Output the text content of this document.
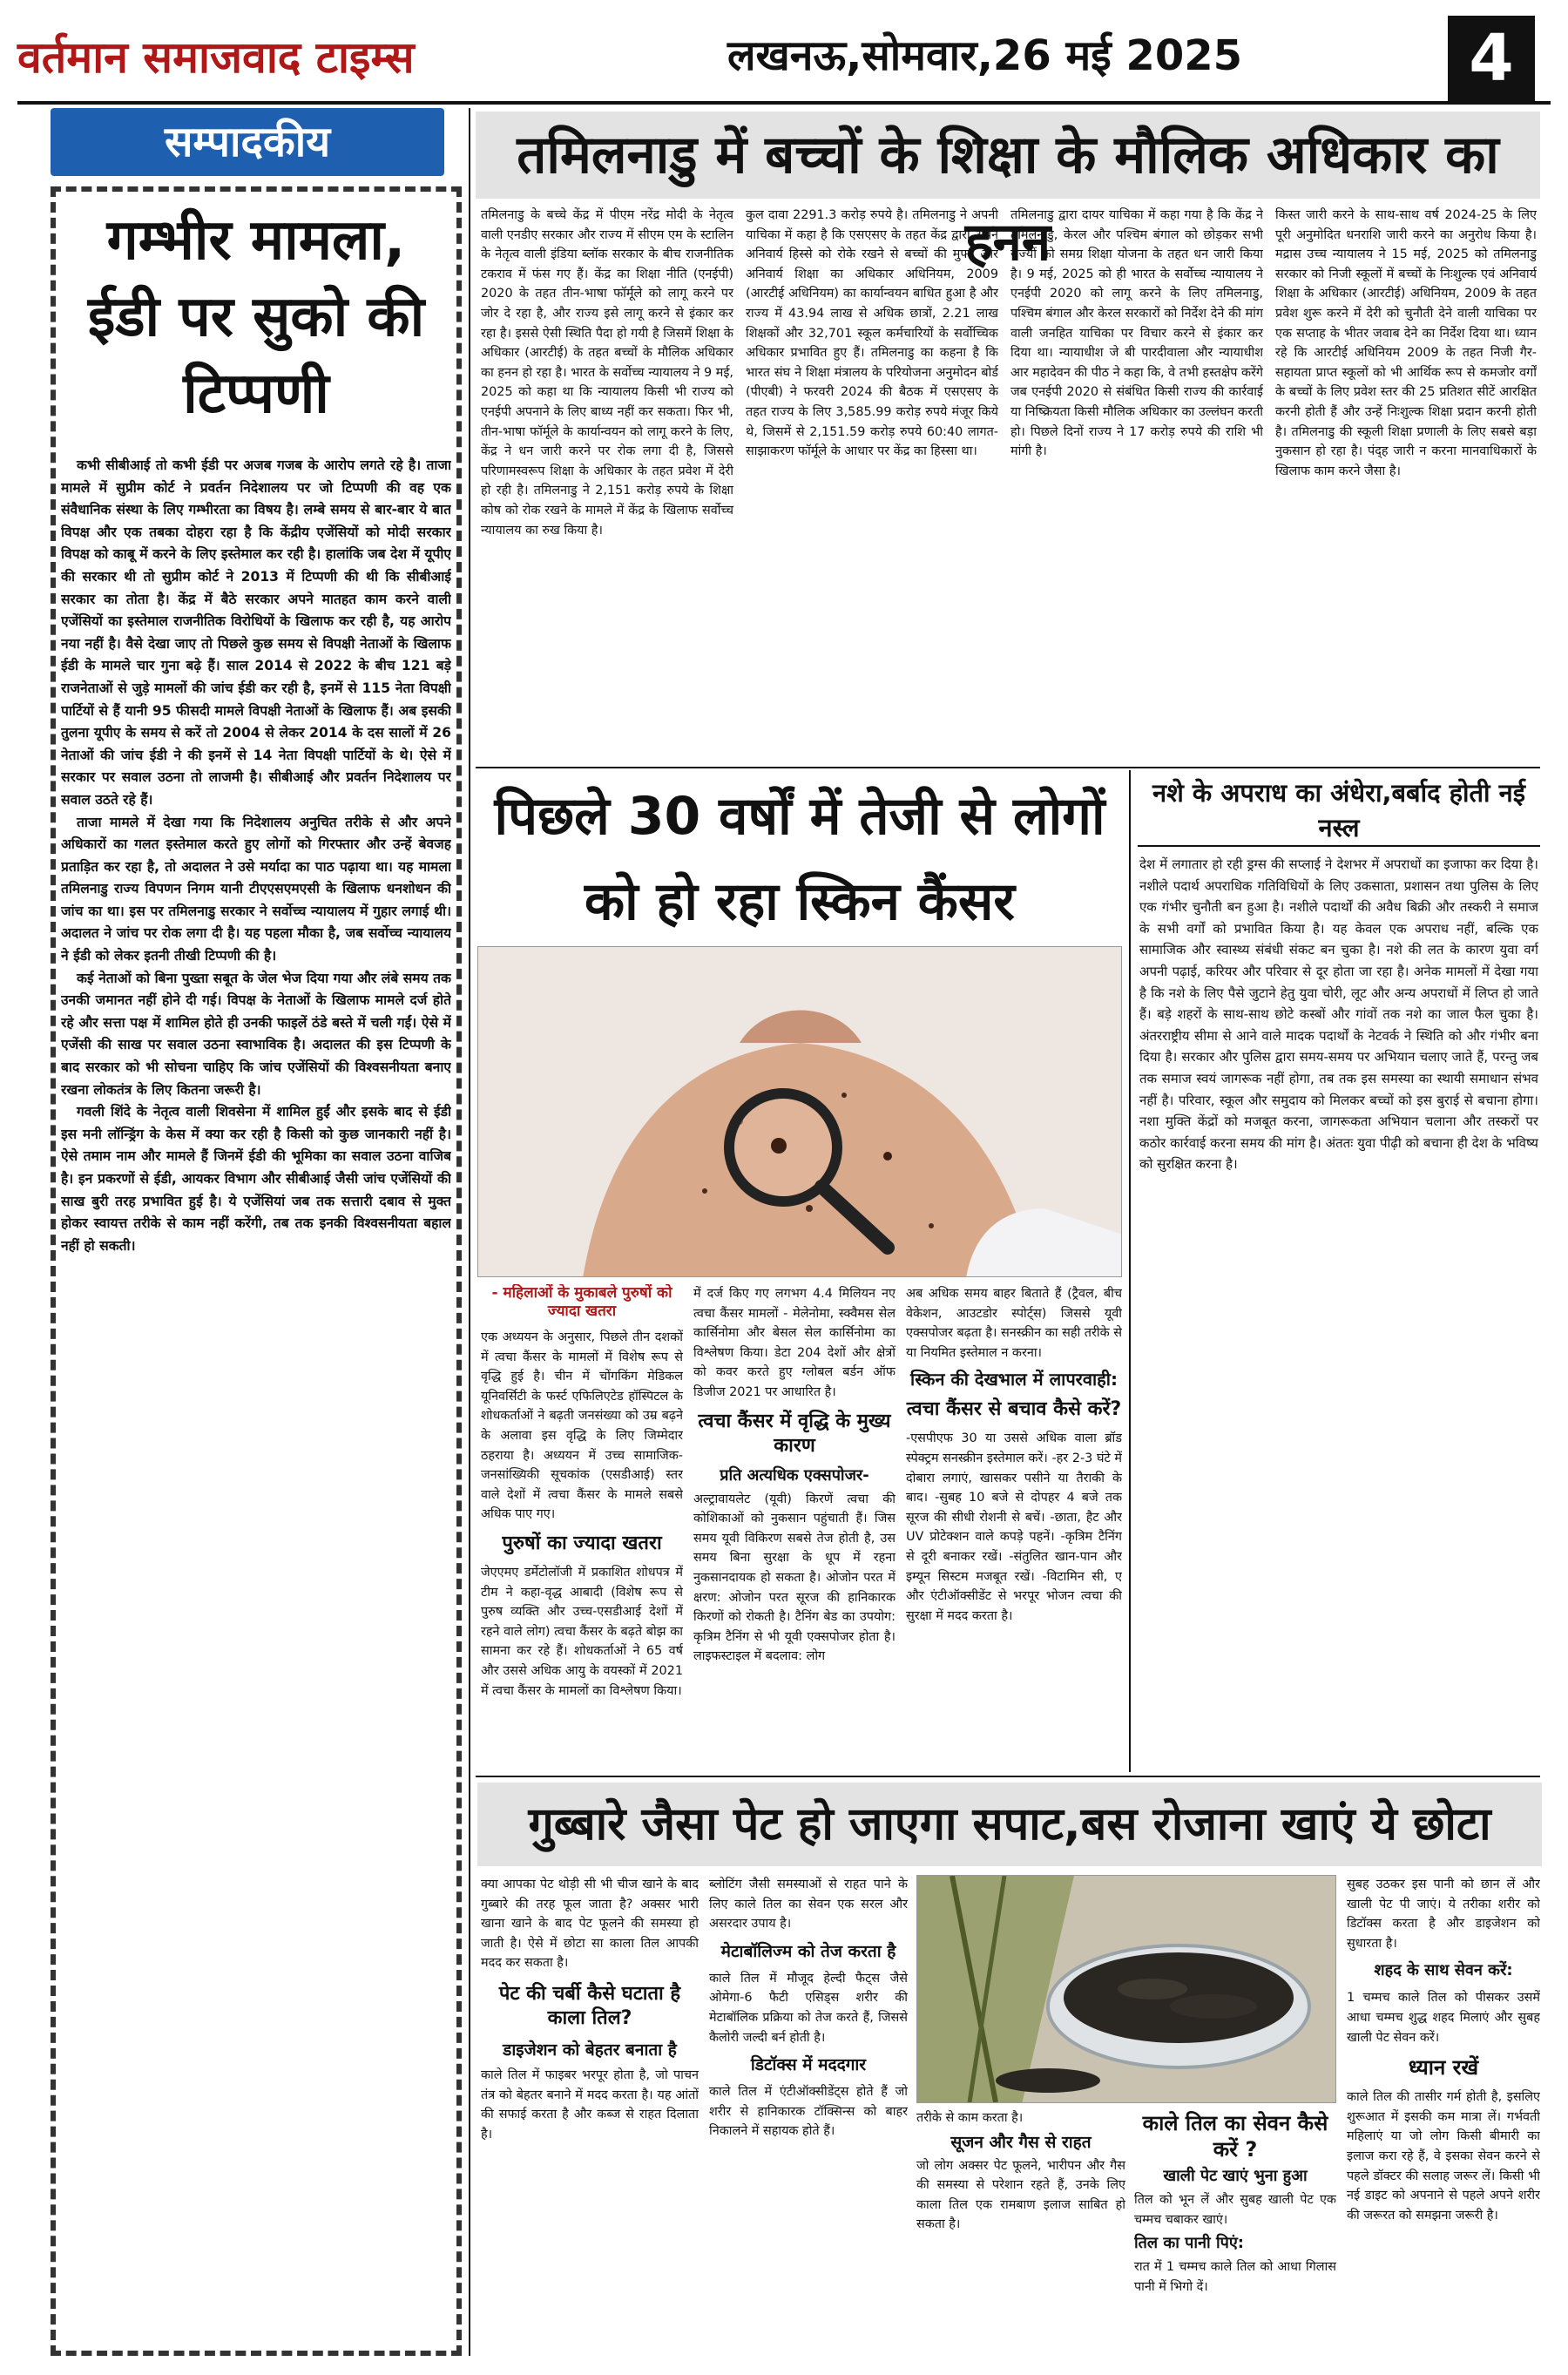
वर्तमान समाजवाद टाइम्स	लखनऊ,सोमवार,26 मई 2025	4
सम्पादकीय
गम्भीर मामला, ईडी पर सुको की टिप्पणी

कभी सीबीआई तो कभी ईडी पर अजब गजब के आरोप लगते रहे है। ताजा मामले में सुप्रीम कोर्ट ने प्रवर्तन निदेशालय पर जो टिप्पणी की वह एक संवैधानिक संस्था के लिए गम्भीरता का विषय है। लम्बे समय से बार-बार ये बात विपक्ष और एक तबका दोहरा रहा है कि केंद्रीय एजेंसियों को मोदी सरकार विपक्ष को काबू में करने के लिए इस्तेमाल कर रही है। हालांकि जब देश में यूपीए की सरकार थी तो सुप्रीम कोर्ट ने 2013 में टिप्पणी की थी कि सीबीआई सरकार का तोता है। केंद्र में बैठे सरकार अपने मातहत काम करने वाली एजेंसियों का इस्तेमाल राजनीतिक विरोधियों के खिलाफ कर रही है, यह आरोप नया नहीं है। वैसे देखा जाए तो पिछले कुछ समय से विपक्षी नेताओं के खिलाफ ईडी के मामले चार गुना बढ़े हैं। साल 2014 से 2022 के बीच 121 बड़े राजनेताओं से जुड़े मामलों की जांच ईडी कर रही है, इनमें से 115 नेता विपक्षी पार्टियों से हैं यानी 95 फीसदी मामले विपक्षी नेताओं के खिलाफ हैं। अब इसकी तुलना यूपीए के समय से करें तो 2004 से लेकर 2014 के दस सालों में 26 नेताओं की जांच ईडी ने की इनमें से 14 नेता विपक्षी पार्टियों के थे। ऐसे में सरकार पर सवाल उठना तो लाजमी है। सीबीआई और प्रवर्तन निदेशालय पर सवाल उठते रहे हैं।

ताजा मामले में देखा गया कि निदेशालय अनुचित तरीके से और अपने अधिकारों का गलत इस्तेमाल करते हुए लोगों को गिरफ्तार और उन्हें बेवजह प्रताड़ित कर रहा है, तो अदालत ने उसे मर्यादा का पाठ पढ़ाया था। यह मामला तमिलनाडु राज्य विपणन निगम यानी टीएएसएमएसी के खिलाफ धनशोधन की जांच का था। इस पर तमिलनाडु सरकार ने सर्वोच्च न्यायालय में गुहार लगाई थी। अदालत ने जांच पर रोक लगा दी है। यह पहला मौका है, जब सर्वोच्च न्यायालय ने ईडी को लेकर इतनी तीखी टिप्पणी की है।

कई नेताओं को बिना पुख्ता सबूत के जेल भेज दिया गया और लंबे समय तक उनकी जमानत नहीं होने दी गई। विपक्ष के नेताओं के खिलाफ मामले दर्ज होते रहे और सत्ता पक्ष में शामिल होते ही उनकी फाइलें ठंडे बस्ते में चली गईं। ऐसे में एजेंसी की साख पर सवाल उठना स्वाभाविक है। अदालत की इस टिप्पणी के बाद सरकार को भी सोचना चाहिए कि जांच एजेंसियों की विश्वसनीयता बनाए रखना लोकतंत्र के लिए कितना जरूरी है।

गवली शिंदे के नेतृत्व वाली शिवसेना में शामिल हुईं और इसके बाद से ईडी इस मनी लॉन्ड्रिंग के केस में क्या कर रही है किसी को कुछ जानकारी नहीं है। ऐसे तमाम नाम और मामले हैं जिनमें ईडी की भूमिका का सवाल उठना वाजिब है। इन प्रकरणों से ईडी, आयकर विभाग और सीबीआई जैसी जांच एजेंसियों की साख बुरी तरह प्रभावित हुई है। ये एजेंसियां जब तक सत्तारी दबाव से मुक्त होकर स्वायत्त तरीके से काम नहीं करेंगी, तब तक इनकी विश्वसनीयता बहाल नहीं हो सकती।

तमिलनाडु में बच्चों के शिक्षा के मौलिक अधिकार का हनन
तमिलनाडु के बच्चे केंद्र में पीएम नरेंद्र मोदी के नेतृत्व वाली एनडीए सरकार और राज्य में सीएम एम के स्टालिन के नेतृत्व वाली इंडिया ब्लॉक सरकार के बीच राजनीतिक टकराव में फंस गए हैं। केंद्र का शिक्षा नीति (एनईपी) 2020 के तहत तीन-भाषा फॉर्मूले को लागू करने पर जोर दे रहा है, और राज्य इसे लागू करने से इंकार कर रहा है। इससे ऐसी स्थिति पैदा हो गयी है जिसमें शिक्षा के अधिकार (आरटीई) के तहत बच्चों के मौलिक अधिकार का हनन हो रहा है। भारत के सर्वोच्च न्यायालय ने 9 मई, 2025 को कहा था कि न्यायालय किसी भी राज्य को एनईपी अपनाने के लिए बाध्य नहीं कर सकता। फिर भी, तीन-भाषा फॉर्मूले के कार्यान्वयन को लागू करने के लिए, केंद्र ने धन जारी करने पर रोक लगा दी है, जिससे परिणामस्वरूप शिक्षा के अधिकार के तहत प्रवेश में देरी हो रही है। तमिलनाडु ने 2,151 करोड़ रुपये के शिक्षा कोष को रोक रखने के मामले में केंद्र के खिलाफ सर्वोच्च न्यायालय का रुख किया है।
कुल दावा 2291.3 करोड़ रुपये है। तमिलनाडु ने अपनी याचिका में कहा है कि एसएसए के तहत केंद्र द्वारा अपने अनिवार्य हिस्से को रोके रखने से बच्चों की मुफ्त और अनिवार्य शिक्षा का अधिकार अधिनियम, 2009 (आरटीई अधिनियम) का कार्यान्वयन बाधित हुआ है और राज्य में 43.94 लाख से अधिक छात्रों, 2.21 लाख शिक्षकों और 32,701 स्कूल कर्मचारियों के सर्वोच्चिक अधिकार प्रभावित हुए हैं। तमिलनाडु का कहना है कि भारत संघ ने शिक्षा मंत्रालय के परियोजना अनुमोदन बोर्ड (पीएबी) ने फरवरी 2024 की बैठक में एसएसए के तहत राज्य के लिए 3,585.99 करोड़ रुपये मंजूर किये थे, जिसमें से 2,151.59 करोड़ रुपये 60:40 लागत-साझाकरण फॉर्मूले के आधार पर केंद्र का हिस्सा था।
तमिलनाडु द्वारा दायर याचिका में कहा गया है कि केंद्र ने तमिलनाडु, केरल और पश्चिम बंगाल को छोड़कर सभी राज्यों को समग्र शिक्षा योजना के तहत धन जारी किया है। 9 मई, 2025 को ही भारत के सर्वोच्च न्यायालय ने एनईपी 2020 को लागू करने के लिए तमिलनाडु, पश्चिम बंगाल और केरल सरकारों को निर्देश देने की मांग वाली जनहित याचिका पर विचार करने से इंकार कर दिया था। न्यायाधीश जे बी पारदीवाला और न्यायाधीश आर महादेवन की पीठ ने कहा कि, वे तभी हस्तक्षेप करेंगे जब एनईपी 2020 से संबंधित किसी राज्य की कार्रवाई या निष्क्रियता किसी मौलिक अधिकार का उल्लंघन करती हो। पिछले दिनों राज्य ने 17 करोड़ रुपये की राशि भी मांगी है।
किस्त जारी करने के साथ-साथ वर्ष 2024-25 के लिए पूरी अनुमोदित धनराशि जारी करने का अनुरोध किया है। मद्रास उच्च न्यायालय ने 15 मई, 2025 को तमिलनाडु सरकार को निजी स्कूलों में बच्चों के निःशुल्क एवं अनिवार्य शिक्षा के अधिकार (आरटीई) अधिनियम, 2009 के तहत प्रवेश शुरू करने में देरी को चुनौती देने वाली याचिका पर एक सप्ताह के भीतर जवाब देने का निर्देश दिया था। ध्यान रहे कि आरटीई अधिनियम 2009 के तहत निजी गैर-सहायता प्राप्त स्कूलों को भी आर्थिक रूप से कमजोर वर्गों के बच्चों के लिए प्रवेश स्तर की 25 प्रतिशत सीटें आरक्षित करनी होती हैं और उन्हें निःशुल्क शिक्षा प्रदान करनी होती है। तमिलनाडु की स्कूली शिक्षा प्रणाली के लिए सबसे बड़ा नुकसान हो रहा है। पंद्ह जारी न करना मानवाधिकारों के खिलाफ काम करने जैसा है।
पिछले 30 वर्षों में तेजी से लोगों को हो रहा स्किन कैंसर
- महिलाओं के मुकाबले पुरुषों को ज्यादा खतरा
एक अध्ययन के अनुसार, पिछले तीन दशकों में त्वचा कैंसर के मामलों में विशेष रूप से वृद्धि हुई है। चीन में चोंगकिंग मेडिकल यूनिवर्सिटी के फर्स्ट एफिलिएटेड हॉस्पिटल के शोधकर्ताओं ने बढ़ती जनसंख्या को उम्र बढ़ने के अलावा इस वृद्धि के लिए जिम्मेदार ठहराया है। अध्ययन में उच्च सामाजिक-जनसांख्यिकी सूचकांक (एसडीआई) स्तर वाले देशों में त्वचा कैंसर के मामले सबसे अधिक पाए गए।
पुरुषों का ज्यादा खतरा
जेएएमए डर्मेटोलॉजी में प्रकाशित शोधपत्र में टीम ने कहा-वृद्ध आबादी (विशेष रूप से पुरुष व्यक्ति और उच्च-एसडीआई देशों में रहने वाले लोग) त्वचा कैंसर के बढ़ते बोझ का सामना कर रहे हैं। शोधकर्ताओं ने 65 वर्ष और उससे अधिक आयु के वयस्कों में 2021 में त्वचा कैंसर के मामलों का विश्लेषण किया।
में दर्ज किए गए लगभग 4.4 मिलियन नए त्वचा कैंसर मामलों - मेलेनोमा, स्क्वैमस सेल कार्सिनोमा और बेसल सेल कार्सिनोमा का विश्लेषण किया। डेटा 204 देशों और क्षेत्रों को कवर करते हुए ग्लोबल बर्डन ऑफ डिजीज 2021 पर आधारित है।
त्वचा कैंसर में वृद्धि के मुख्य कारण
प्रति अत्यधिक एक्सपोजर-
अल्ट्रावायलेट (यूवी) किरणें त्वचा की कोशिकाओं को नुकसान पहुंचाती हैं। जिस समय यूवी विकिरण सबसे तेज होती है, उस समय बिना सुरक्षा के धूप में रहना नुकसानदायक हो सकता है। ओजोन परत में क्षरण: ओजोन परत सूरज की हानिकारक किरणों को रोकती है। टैनिंग बेड का उपयोग: कृत्रिम टैनिंग से भी यूवी एक्सपोजर होता है। लाइफस्टाइल में बदलाव: लोग
अब अधिक समय बाहर बिताते हैं (ट्रैवल, बीच वेकेशन, आउटडोर स्पोर्ट्स) जिससे यूवी एक्सपोजर बढ़ता है। सनस्क्रीन का सही तरीके से या नियमित इस्तेमाल न करना।
स्किन की देखभाल में लापरवाही:
त्वचा कैंसर से बचाव कैसे करें?
-एसपीएफ 30 या उससे अधिक वाला ब्रॉड स्पेक्ट्रम सनस्क्रीन इस्तेमाल करें। -हर 2-3 घंटे में दोबारा लगाएं, खासकर पसीने या तैराकी के बाद। -सुबह 10 बजे से दोपहर 4 बजे तक सूरज की सीधी रोशनी से बचें। -छाता, हैट और UV प्रोटेक्शन वाले कपड़े पहनें। -कृत्रिम टैनिंग से दूरी बनाकर रखें। -संतुलित खान-पान और इम्यून सिस्टम मजबूत रखें। -विटामिन सी, ए और एंटीऑक्सीडेंट से भरपूर भोजन त्वचा की सुरक्षा में मदद करता है।
नशे के अपराध का अंधेरा,बर्बाद होती नई नस्ल
देश में लगातार हो रही ड्रग्स की सप्लाई ने देशभर में अपराधों का इजाफा कर दिया है। नशीले पदार्थ अपराधिक गतिविधियों के लिए उकसाता, प्रशासन तथा पुलिस के लिए एक गंभीर चुनौती बन हुआ है। नशीले पदार्थों की अवैध बिक्री और तस्करी ने समाज के सभी वर्गों को प्रभावित किया है। यह केवल एक अपराध नहीं, बल्कि एक सामाजिक और स्वास्थ्य संबंधी संकट बन चुका है। नशे की लत के कारण युवा वर्ग अपनी पढ़ाई, करियर और परिवार से दूर होता जा रहा है। अनेक मामलों में देखा गया है कि नशे के लिए पैसे जुटाने हेतु युवा चोरी, लूट और अन्य अपराधों में लिप्त हो जाते हैं। बड़े शहरों के साथ-साथ छोटे कस्बों और गांवों तक नशे का जाल फैल चुका है। अंतरराष्ट्रीय सीमा से आने वाले मादक पदार्थों के नेटवर्क ने स्थिति को और गंभीर बना दिया है। सरकार और पुलिस द्वारा समय-समय पर अभियान चलाए जाते हैं, परन्तु जब तक समाज स्वयं जागरूक नहीं होगा, तब तक इस समस्या का स्थायी समाधान संभव नहीं है। परिवार, स्कूल और समुदाय को मिलकर बच्चों को इस बुराई से बचाना होगा। नशा मुक्ति केंद्रों को मजबूत करना, जागरूकता अभियान चलाना और तस्करों पर कठोर कार्रवाई करना समय की मांग है। अंततः युवा पीढ़ी को बचाना ही देश के भविष्य को सुरक्षित करना है।
गुब्बारे जैसा पेट हो जाएगा सपाट,बस रोजाना खाएं ये छोटा
क्या आपका पेट थोड़ी सी भी चीज खाने के बाद गुब्बारे की तरह फूल जाता है? अक्सर भारी खाना खाने के बाद पेट फूलने की समस्या हो जाती है। ऐसे में छोटा सा काला तिल आपकी मदद कर सकता है।
पेट की चर्बी कैसे घटाता है काला तिल?
डाइजेशन को बेहतर बनाता है
काले तिल में फाइबर भरपूर होता है, जो पाचन तंत्र को बेहतर बनाने में मदद करता है। यह आंतों की सफाई करता है और कब्ज से राहत दिलाता है।
ब्लोटिंग जैसी समस्याओं से राहत पाने के लिए काले तिल का सेवन एक सरल और असरदार उपाय है।
मेटाबॉलिज्म को तेज करता है
काले तिल में मौजूद हेल्दी फैट्स जैसे ओमेगा-6 फैटी एसिड्स शरीर की मेटाबॉलिक प्रक्रिया को तेज करते हैं, जिससे कैलोरी जल्दी बर्न होती है।
डिटॉक्स में मददगार
काले तिल में एंटीऑक्सीडेंट्स होते हैं जो शरीर से हानिकारक टॉक्सिन्स को बाहर निकालने में सहायक होते हैं।
तरीके से काम करता है।
सूजन और गैस से राहत
जो लोग अक्सर पेट फूलने, भारीपन और गैस की समस्या से परेशान रहते हैं, उनके लिए काला तिल एक रामबाण इलाज साबित हो सकता है।
काले तिल का सेवन कैसे करें ?
खाली पेट खाएं भुना हुआ
तिल को भून लें और सुबह खाली पेट एक चम्मच चबाकर खाएं।
तिल का पानी पिएं:
रात में 1 चम्मच काले तिल को आधा गिलास पानी में भिगो दें।
सुबह उठकर इस पानी को छान लें और खाली पेट पी जाएं। ये तरीका शरीर को डिटॉक्स करता है और डाइजेशन को सुधारता है।
शहद के साथ सेवन करें:
1 चम्मच काले तिल को पीसकर उसमें आधा चम्मच शुद्ध शहद मिलाएं और सुबह खाली पेट सेवन करें।
ध्यान रखें
काले तिल की तासीर गर्म होती है, इसलिए शुरूआत में इसकी कम मात्रा लें। गर्भवती महिलाएं या जो लोग किसी बीमारी का इलाज करा रहे हैं, वे इसका सेवन करने से पहले डॉक्टर की सलाह जरूर लें। किसी भी नई डाइट को अपनाने से पहले अपने शरीर की जरूरत को समझना जरूरी है।
